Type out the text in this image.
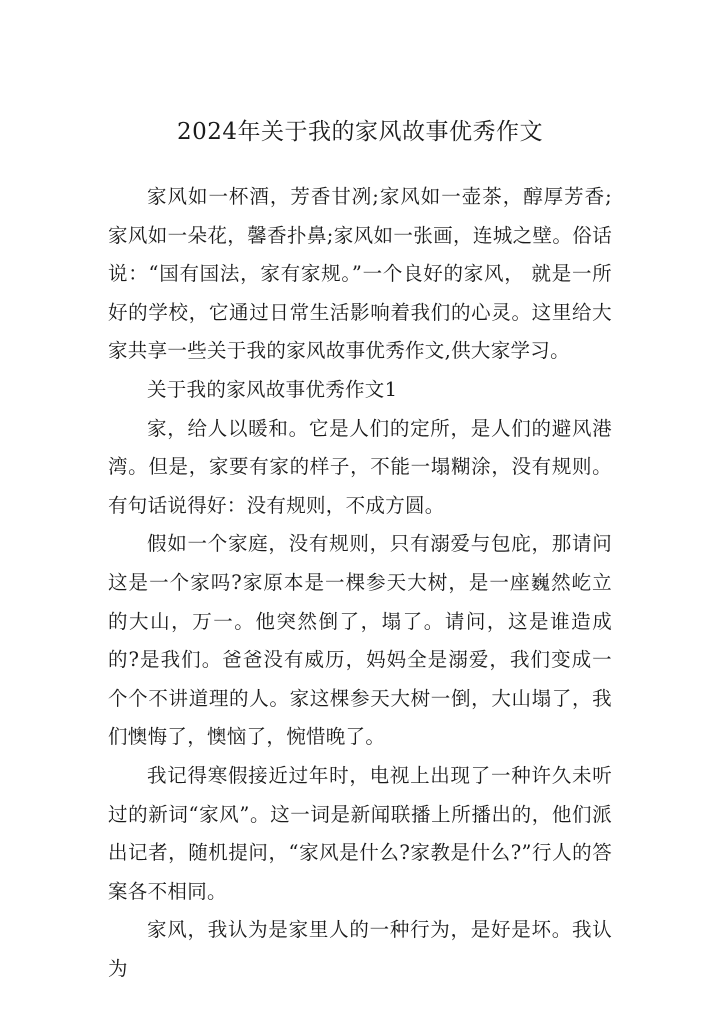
2024年关于我的家风故事优秀作文

家风如一杯酒，芳香甘冽;家风如一壶茶，醇厚芳香;家风如一朵花，馨香扑鼻;家风如一张画，连城之壁。俗话说：“国有国法，家有家规。”一个良好的家风， 就是一所好的学校，它通过日常生活影响着我们的心灵。这里给大家共享一些关于我的家风故事优秀作文,供大家学习。

关于我的家风故事优秀作文1

家，给人以暖和。它是人们的定所，是人们的避风港湾。但是，家要有家的样子，不能一塌糊涂，没有规则。有句话说得好：没有规则，不成方圆。

假如一个家庭，没有规则，只有溺爱与包庇，那请问这是一个家吗?家原本是一棵参天大树，是一座巍然屹立的大山，万一。他突然倒了，塌了。请问，这是谁造成的?是我们。爸爸没有威历，妈妈全是溺爱，我们变成一个个不讲道理的人。家这棵参天大树一倒，大山塌了，我们懊悔了，懊恼了，惋惜晚了。

我记得寒假接近过年时，电视上出现了一种许久未听过的新词“家风”。这一词是新闻联播上所播出的，他们派出记者，随机提问，“家风是什么?家教是什么?”行人的答案各不相同。

家风，我认为是家里人的一种行为，是好是坏。我认为
